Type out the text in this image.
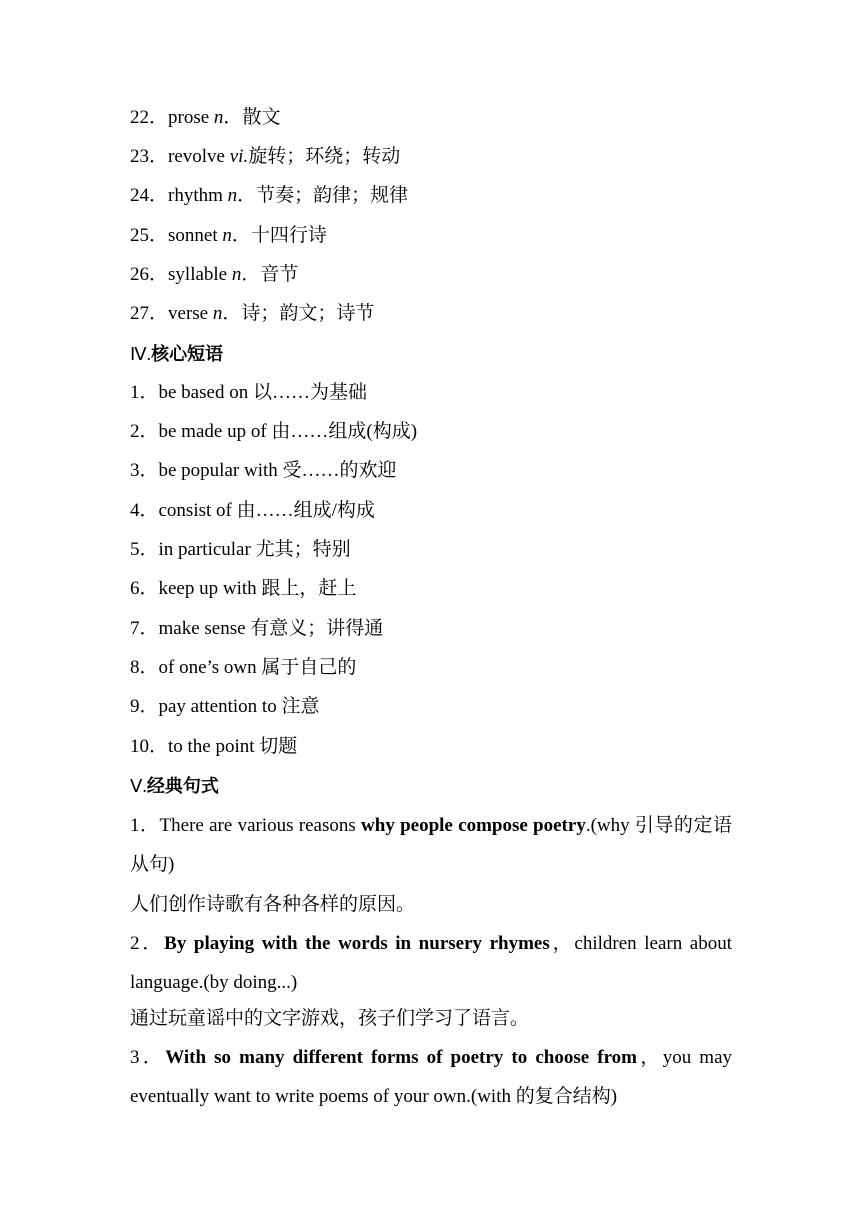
22．prose n．散文
23．revolve vi.旋转；环绕；转动
24．rhythm n．节奏；韵律；规律
25．sonnet n．十四行诗
26．syllable n．音节
27．verse n．诗；韵文；诗节
Ⅳ.核心短语
1．be based on 以……为基础
2．be made up of 由……组成(构成)
3．be popular with 受……的欢迎
4．consist of 由……组成/构成
5．in particular 尤其；特别
6．keep up with 跟上，赶上
7．make sense 有意义；讲得通
8．of one’s own 属于自己的
9．pay attention to 注意
10．to the point 切题
Ⅴ.经典句式
1．There are various reasons why people compose poetry.(why 引导的定语从句)
人们创作诗歌有各种各样的原因。
2．By playing with the words in nursery rhymes，children learn about language.(by doing...)
通过玩童谣中的文字游戏，孩子们学习了语言。
3．With so many different forms of poetry to choose from，you may eventually want to write poems of your own.(with 的复合结构)
